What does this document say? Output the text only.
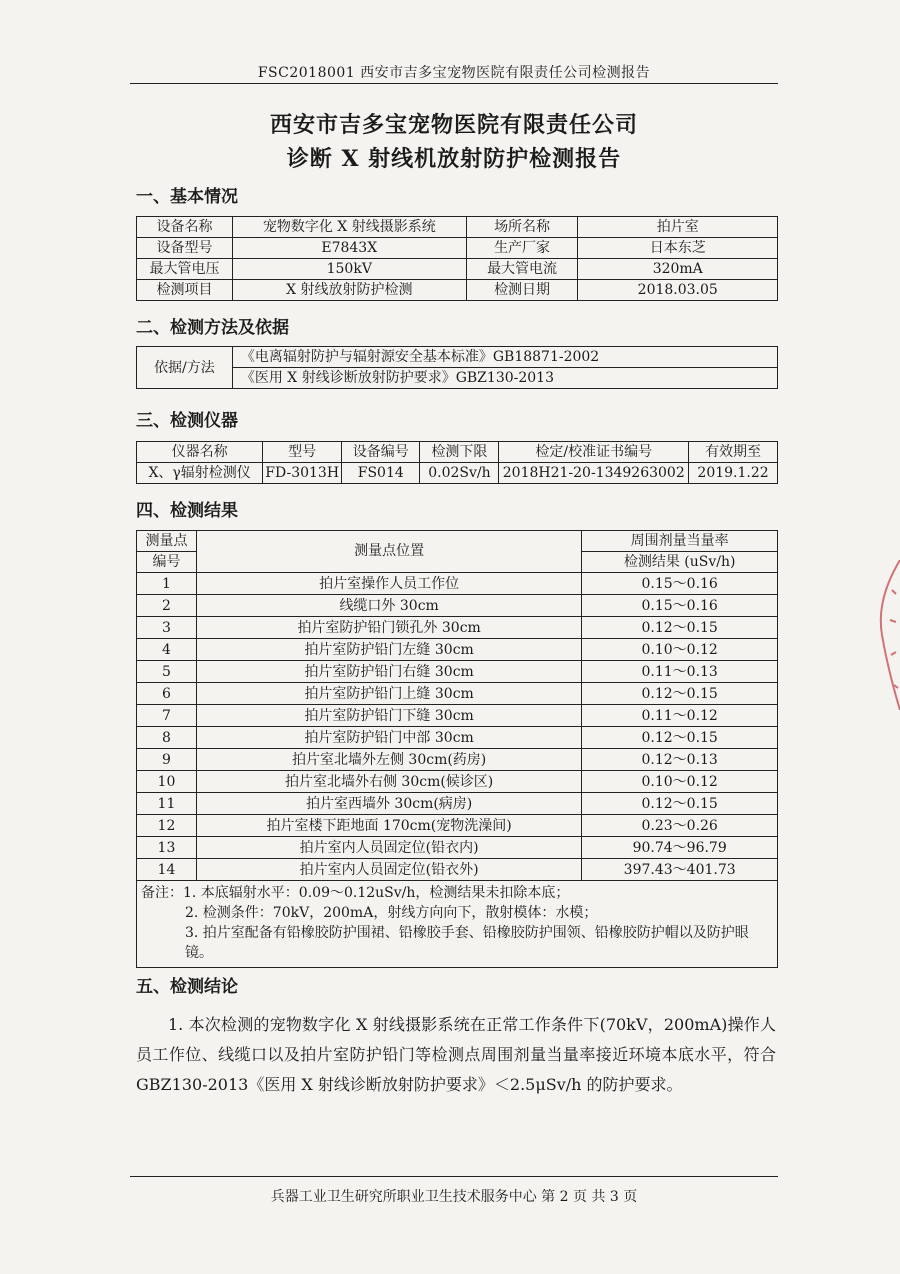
FSC2018001 西安市吉多宝宠物医院有限责任公司检测报告
西安市吉多宝宠物医院有限责任公司
诊断 X 射线机放射防护检测报告
一、基本情况
设备名称	宠物数字化 X 射线摄影系统	场所名称	拍片室
设备型号	E7843X	生产厂家	日本东芝
最大管电压	150kV	最大管电流	320mA
检测项目	X 射线放射防护检测	检测日期	2018.03.05
二、检测方法及依据
依据/方法	《电离辐射防护与辐射源安全基本标准》GB18871-2002
《医用 X 射线诊断放射防护要求》GBZ130-2013
三、检测仪器
仪器名称	型号	设备编号	检测下限	检定/校准证书编号	有效期至
X、γ辐射检测仪	FD-3013H	FS014	0.02Sv/h	2018H21-20-1349263002	2019.1.22
四、检测结果
测量点	测量点位置	周围剂量当量率
编号		检测结果 (uSv/h)
1	拍片室操作人员工作位	0.15～0.16
2	线缆口外 30cm	0.15～0.16
3	拍片室防护铅门锁孔外 30cm	0.12～0.15
4	拍片室防护铅门左缝 30cm	0.10～0.12
5	拍片室防护铅门右缝 30cm	0.11～0.13
6	拍片室防护铅门上缝 30cm	0.12～0.15
7	拍片室防护铅门下缝 30cm	0.11～0.12
8	拍片室防护铅门中部 30cm	0.12～0.15
9	拍片室北墙外左侧 30cm(药房)	0.12～0.13
10	拍片室北墙外右侧 30cm(候诊区)	0.10～0.12
11	拍片室西墙外 30cm(病房)	0.12～0.15
12	拍片室楼下距地面 170cm(宠物洗澡间)	0.23～0.26
13	拍片室内人员固定位(铅衣内)	90.74～96.79
14	拍片室内人员固定位(铅衣外)	397.43～401.73
备注：1. 本底辐射水平：0.09～0.12uSv/h，检测结果未扣除本底；
2. 检测条件：70kV，200mA，射线方向向下，散射模体：水模；
3. 拍片室配备有铅橡胶防护围裙、铅橡胶手套、铅橡胶防护围领、铅橡胶防护帽以及防护眼镜。
五、检测结论
1. 本次检测的宠物数字化 X 射线摄影系统在正常工作条件下(70kV，200mA)操作人员工作位、线缆口以及拍片室防护铅门等检测点周围剂量当量率接近环境本底水平，符合 GBZ130-2013《医用 X 射线诊断放射防护要求》＜2.5μSv/h 的防护要求。
兵器工业卫生研究所职业卫生技术服务中心 第 2 页 共 3 页
